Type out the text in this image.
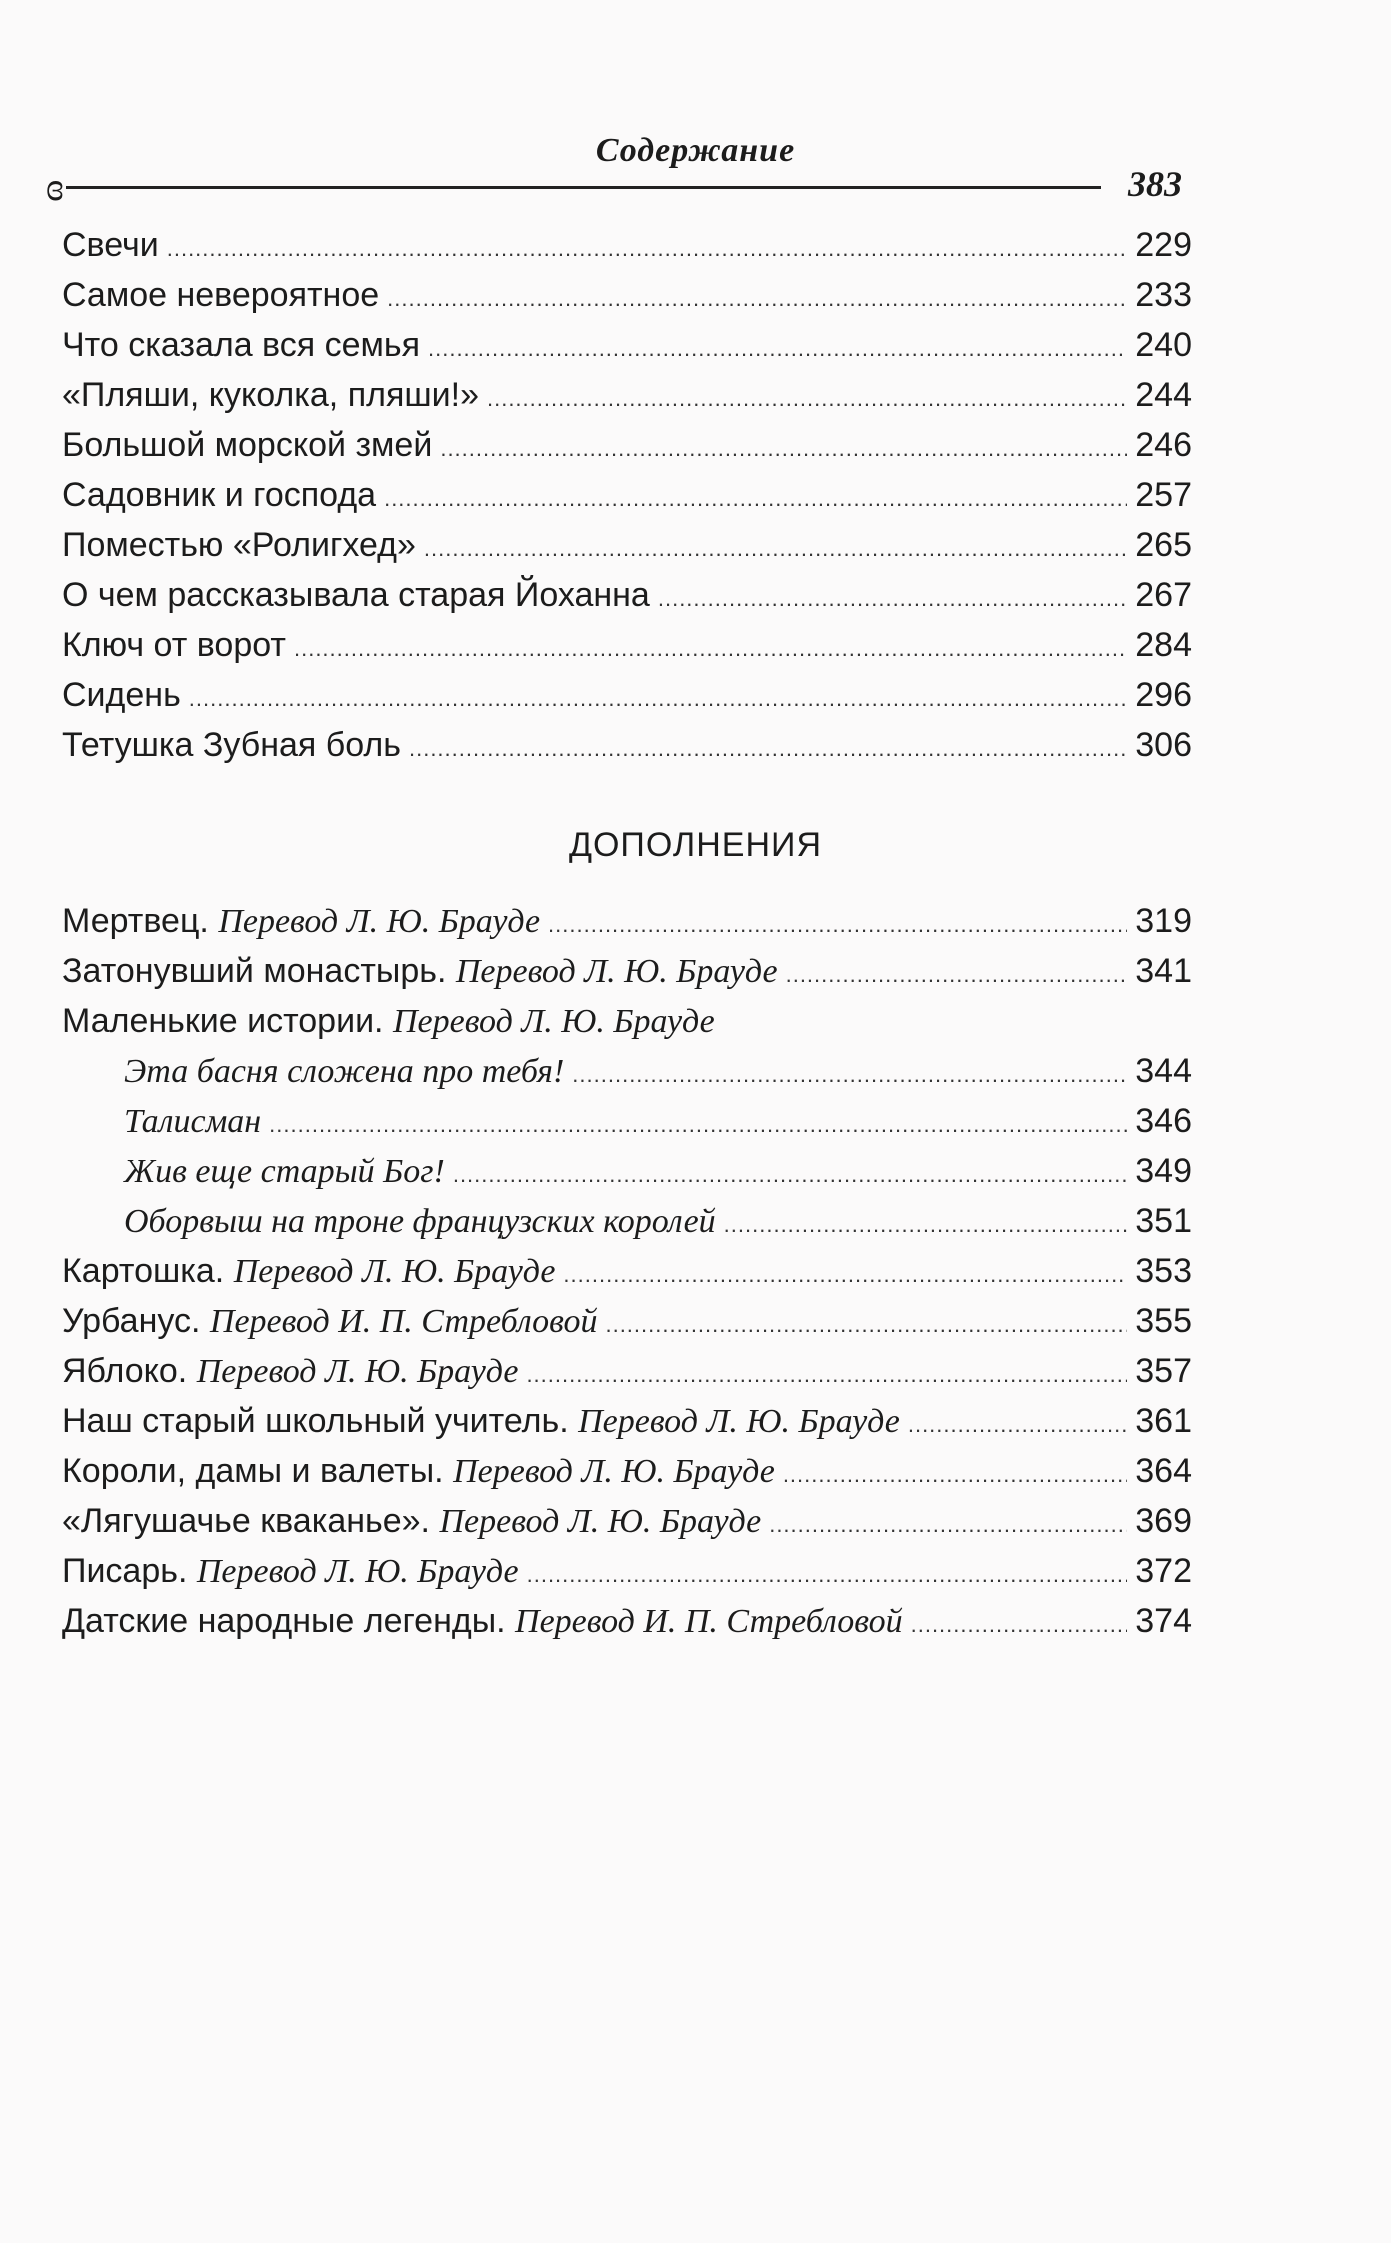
Содержание
ɞ	383
Свечи .....	229
Самое невероятное .....	233
Что сказала вся семья .....	240
«Пляши, куколка, пляши!» .....	244
Большой морской змей .....	246
Садовник и господа .....	257
Поместью «Ролигхед» .....	265
О чем рассказывала старая Йоханна .....	267
Ключ от ворот .....	284
Сидень .....	296
Тетушка Зубная боль .....	306
ДОПОЛНЕНИЯ
Мертвец. Перевод Л. Ю. Брауде .....	319
Затонувший монастырь. Перевод Л. Ю. Брауде .....	341
Маленькие истории. Перевод Л. Ю. Брауде
Эта басня сложена про тебя! .....	344
Талисман .....	346
Жив еще старый Бог! .....	349
Оборвыш на троне французских королей .....	351
Картошка. Перевод Л. Ю. Брауде .....	353
Урбанус. Перевод И. П. Стребловой .....	355
Яблоко. Перевод Л. Ю. Брауде .....	357
Наш старый школьный учитель. Перевод Л. Ю. Брауде .....	361
Короли, дамы и валеты. Перевод Л. Ю. Брауде .....	364
«Лягушачье кваканье». Перевод Л. Ю. Брауде .....	369
Писарь. Перевод Л. Ю. Брауде .....	372
Датские народные легенды. Перевод И. П. Стребловой .....	374
